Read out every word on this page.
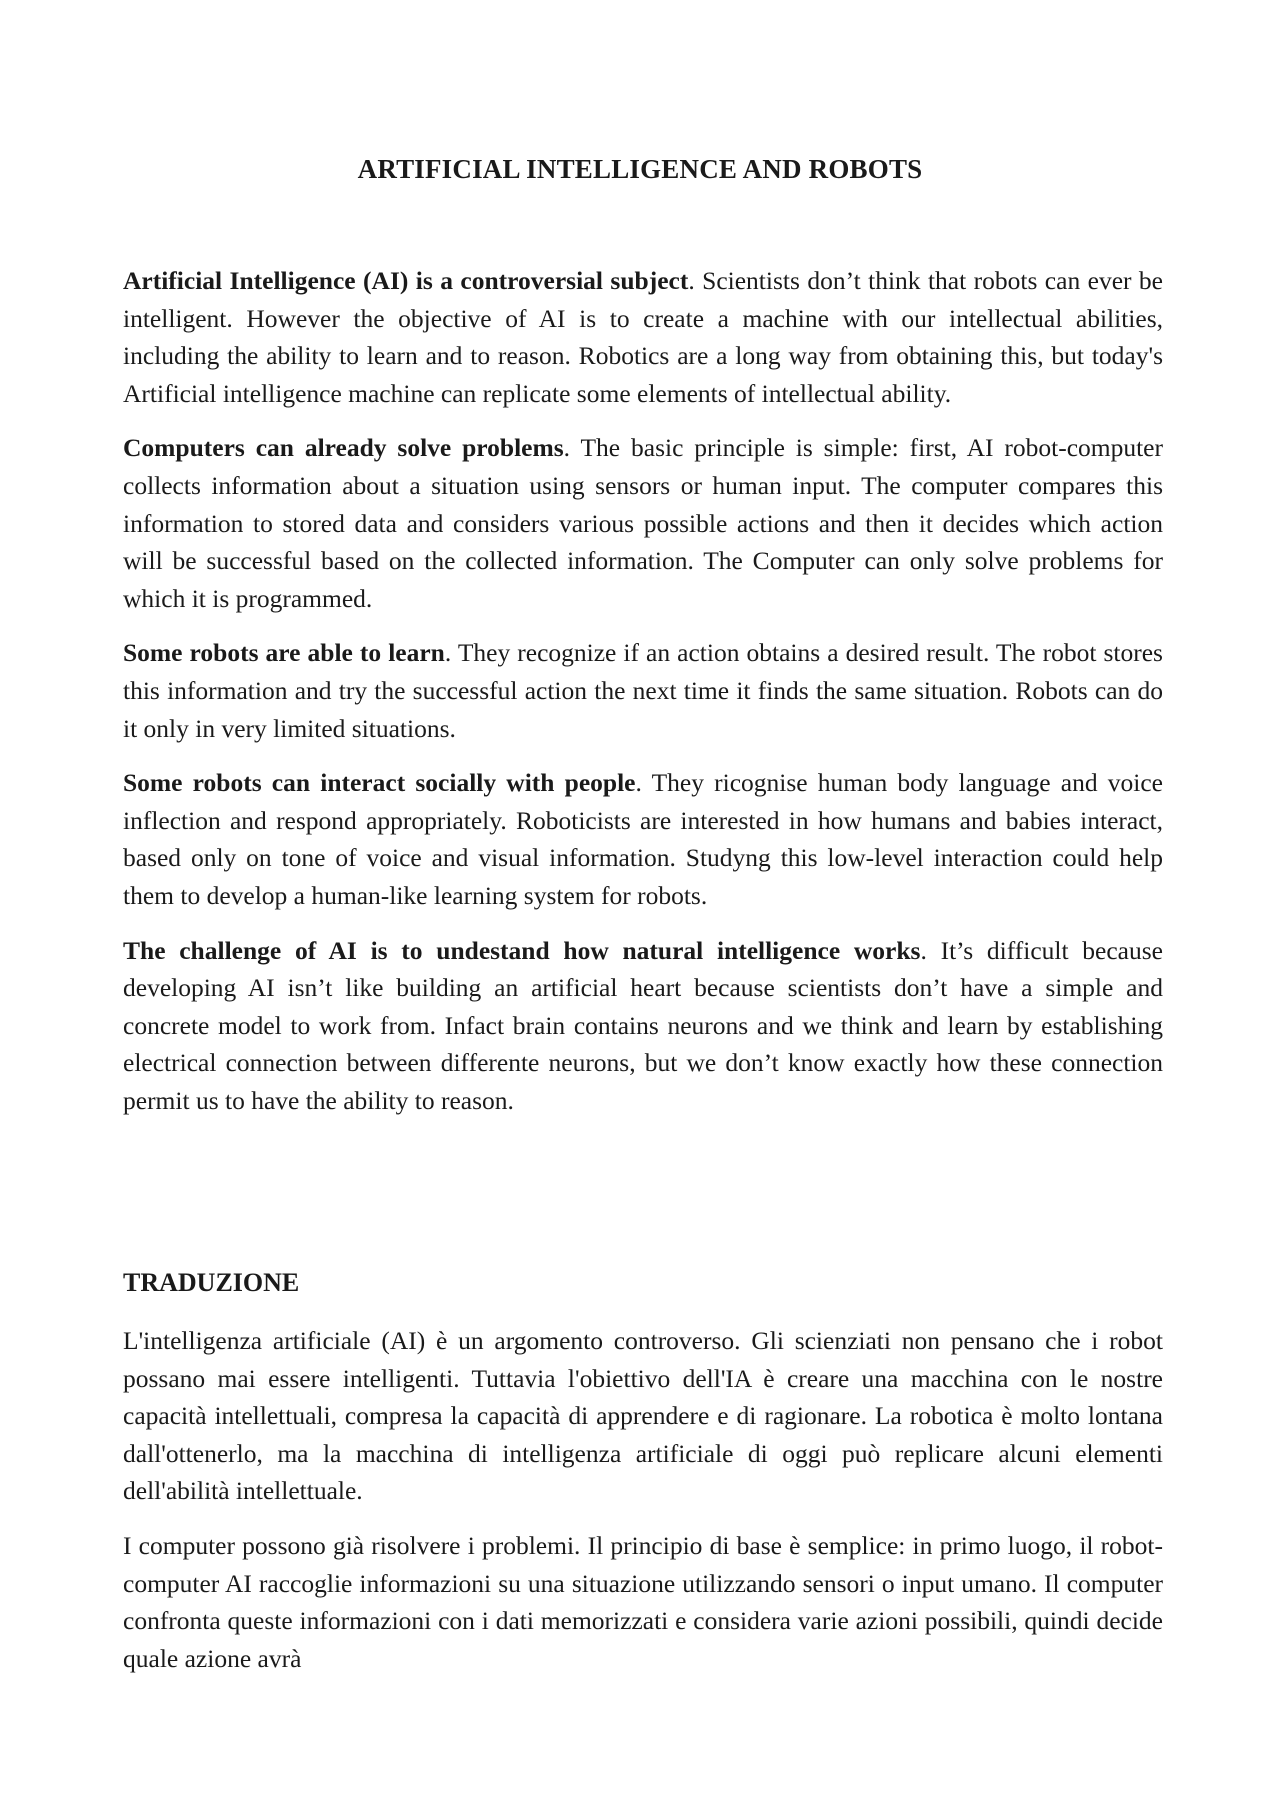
ARTIFICIAL INTELLIGENCE AND ROBOTS

Artificial Intelligence (AI) is a controversial subject. Scientists don’t think that robots can ever be intelligent. However the objective of AI is to create a machine with our intellectual abilities, including the ability to learn and to reason. Robotics are a long way from obtaining this, but today's Artificial intelligence machine can replicate some elements of intellectual ability.

Computers can already solve problems. The basic principle is simple: first, AI robot-computer collects information about a situation using sensors or human input. The computer compares this information to stored data and considers various possible actions and then it decides which action will be successful based on the collected information. The Computer can only solve problems for which it is programmed.

Some robots are able to learn. They recognize if an action obtains a desired result. The robot stores this information and try the successful action the next time it finds the same situation. Robots can do it only in very limited situations.

Some robots can interact socially with people. They ricognise human body language and voice inflection and respond appropriately. Roboticists are interested in how humans and babies interact, based only on tone of voice and visual information. Studyng this low-level interaction could help them to develop a human-like learning system for robots.

The challenge of AI is to undestand how natural intelligence works. It’s difficult because developing AI isn’t like building an artificial heart because scientists don’t have a simple and concrete model to work from. Infact brain contains neurons and we think and learn by establishing electrical connection between differente neurons, but we don’t know exactly how these connection permit us to have the ability to reason.

TRADUZIONE

L'intelligenza artificiale (AI) è un argomento controverso. Gli scienziati non pensano che i robot possano mai essere intelligenti. Tuttavia l'obiettivo dell'IA è creare una macchina con le nostre capacità intellettuali, compresa la capacità di apprendere e di ragionare. La robotica è molto lontana dall'ottenerlo, ma la macchina di intelligenza artificiale di oggi può replicare alcuni elementi dell'abilità intellettuale.

I computer possono già risolvere i problemi. Il principio di base è semplice: in primo luogo, il robot-computer AI raccoglie informazioni su una situazione utilizzando sensori o input umano. Il computer confronta queste informazioni con i dati memorizzati e considera varie azioni possibili, quindi decide quale azione avrà
